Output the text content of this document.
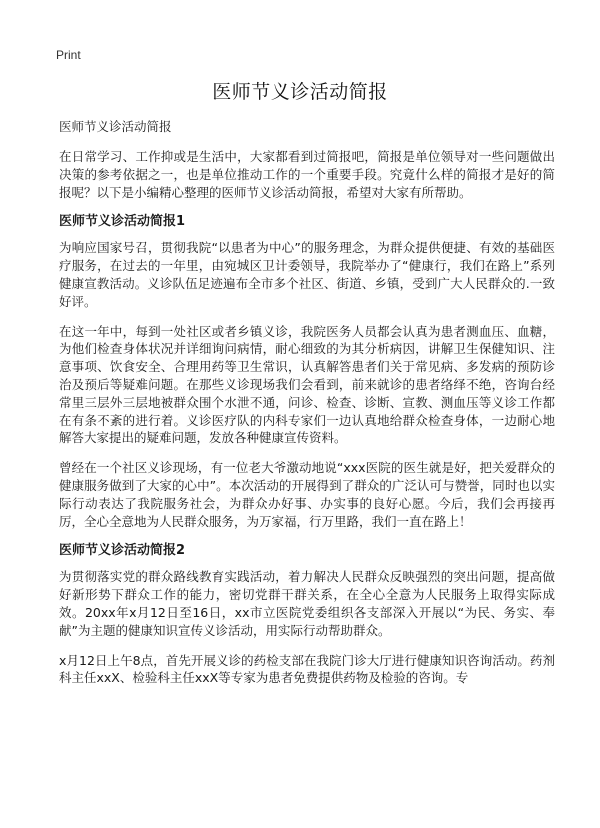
Print
医师节义诊活动简报
医师节义诊活动简报

在日常学习、工作抑或是生活中，大家都看到过简报吧，简报是单位领导对一些问题做出决策的参考依据之一，也是单位推动工作的一个重要手段。究竟什么样的简报才是好的简报呢？以下是小编精心整理的医师节义诊活动简报，希望对大家有所帮助。

医师节义诊活动简报1

为响应国家号召，贯彻我院“以患者为中心”的服务理念，为群众提供便捷、有效的基础医疗服务，在过去的一年里，由宛城区卫计委领导，我院举办了“健康行，我们在路上”系列健康宣教活动。义诊队伍足迹遍布全市多个社区、街道、乡镇，受到广大人民群众的.一致好评。

在这一年中，每到一处社区或者乡镇义诊，我院医务人员都会认真为患者测血压、血糖，为他们检查身体状况并详细询问病情，耐心细致的为其分析病因，讲解卫生保健知识、注意事项、饮食安全、合理用药等卫生常识，认真解答患者们关于常见病、多发病的预防诊治及预后等疑难问题。在那些义诊现场我们会看到，前来就诊的患者络绎不绝，咨询台经常里三层外三层地被群众围个水泄不通，问诊、检查、诊断、宣教、测血压等义诊工作都在有条不紊的进行着。义诊医疗队的内科专家们一边认真地给群众检查身体，一边耐心地解答大家提出的疑难问题，发放各种健康宣传资料。

曾经在一个社区义诊现场，有一位老大爷激动地说“xxx医院的医生就是好，把关爱群众的健康服务做到了大家的心中”。本次活动的开展得到了群众的广泛认可与赞誉，同时也以实际行动表达了我院服务社会，为群众办好事、办实事的良好心愿。今后，我们会再接再厉，全心全意地为人民群众服务，为万家福，行万里路，我们一直在路上！

医师节义诊活动简报2

为贯彻落实党的群众路线教育实践活动，着力解决人民群众反映强烈的突出问题，提高做好新形势下群众工作的能力，密切党群干群关系，在全心全意为人民服务上取得实际成效。20xx年x月12日至16日，xx市立医院党委组织各支部深入开展以“为民、务实、奉献”为主题的健康知识宣传义诊活动，用实际行动帮助群众。

x月12日上午8点，首先开展义诊的药检支部在我院门诊大厅进行健康知识咨询活动。药剂科主任xxX、检验科主任xxX等专家为患者免费提供药物及检验的咨询。专
